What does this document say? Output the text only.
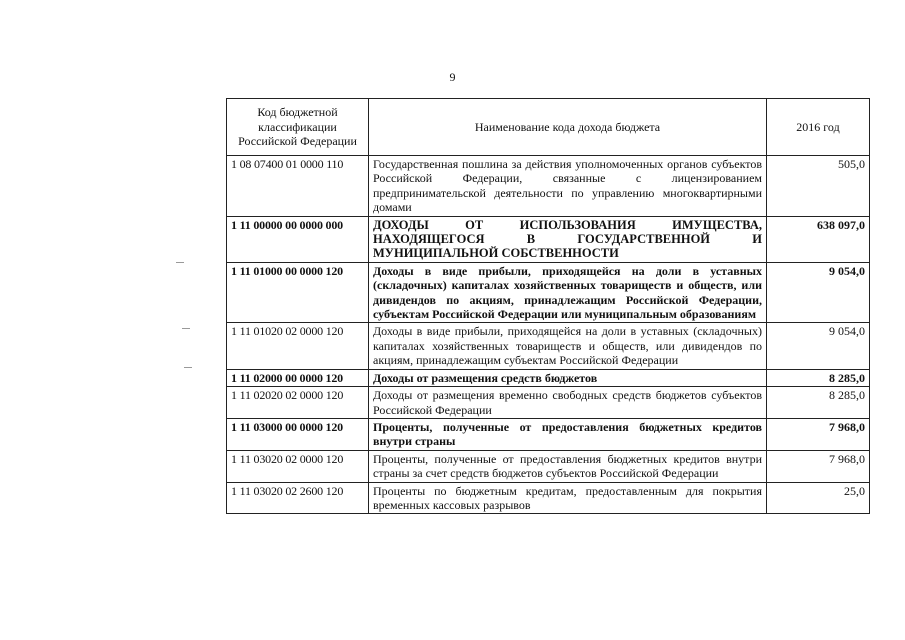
9
Код бюджетной классификации Российской Федерации	Наименование кода дохода бюджета	2016 год
1 08 07400 01 0000 110	Государственная пошлина за действия уполномоченных органов субъектов Российской Федерации, связанные с лицензированием предпринимательской деятельности по управлению многоквартирными домами	505,0
1 11 00000 00 0000 000	ДОХОДЫ ОТ ИСПОЛЬЗОВАНИЯ ИМУЩЕСТВА, НАХОДЯЩЕГОСЯ В ГОСУДАРСТВЕННОЙ И МУНИЦИПАЛЬНОЙ СОБСТВЕННОСТИ	638 097,0
1 11 01000 00 0000 120	Доходы в виде прибыли, приходящейся на доли в уставных (складочных) капиталах хозяйственных товариществ и обществ, или дивидендов по акциям, принадлежащим Российской Федерации, субъектам Российской Федерации или муниципальным образованиям	9 054,0
1 11 01020 02 0000 120	Доходы в виде прибыли, приходящейся на доли в уставных (складочных) капиталах хозяйственных товариществ и обществ, или дивидендов по акциям, принадлежащим субъектам Российской Федерации	9 054,0
1 11 02000 00 0000 120	Доходы от размещения средств бюджетов	8 285,0
1 11 02020 02 0000 120	Доходы от размещения временно свободных средств бюджетов субъектов Российской Федерации	8 285,0
1 11 03000 00 0000 120	Проценты, полученные от предоставления бюджетных кредитов внутри страны	7 968,0
1 11 03020 02 0000 120	Проценты, полученные от предоставления бюджетных кредитов внутри страны за счет средств бюджетов субъектов Российской Федерации	7 968,0
1 11 03020 02 2600 120	Проценты по бюджетным кредитам, предоставленным для покрытия временных кассовых разрывов	25,0
